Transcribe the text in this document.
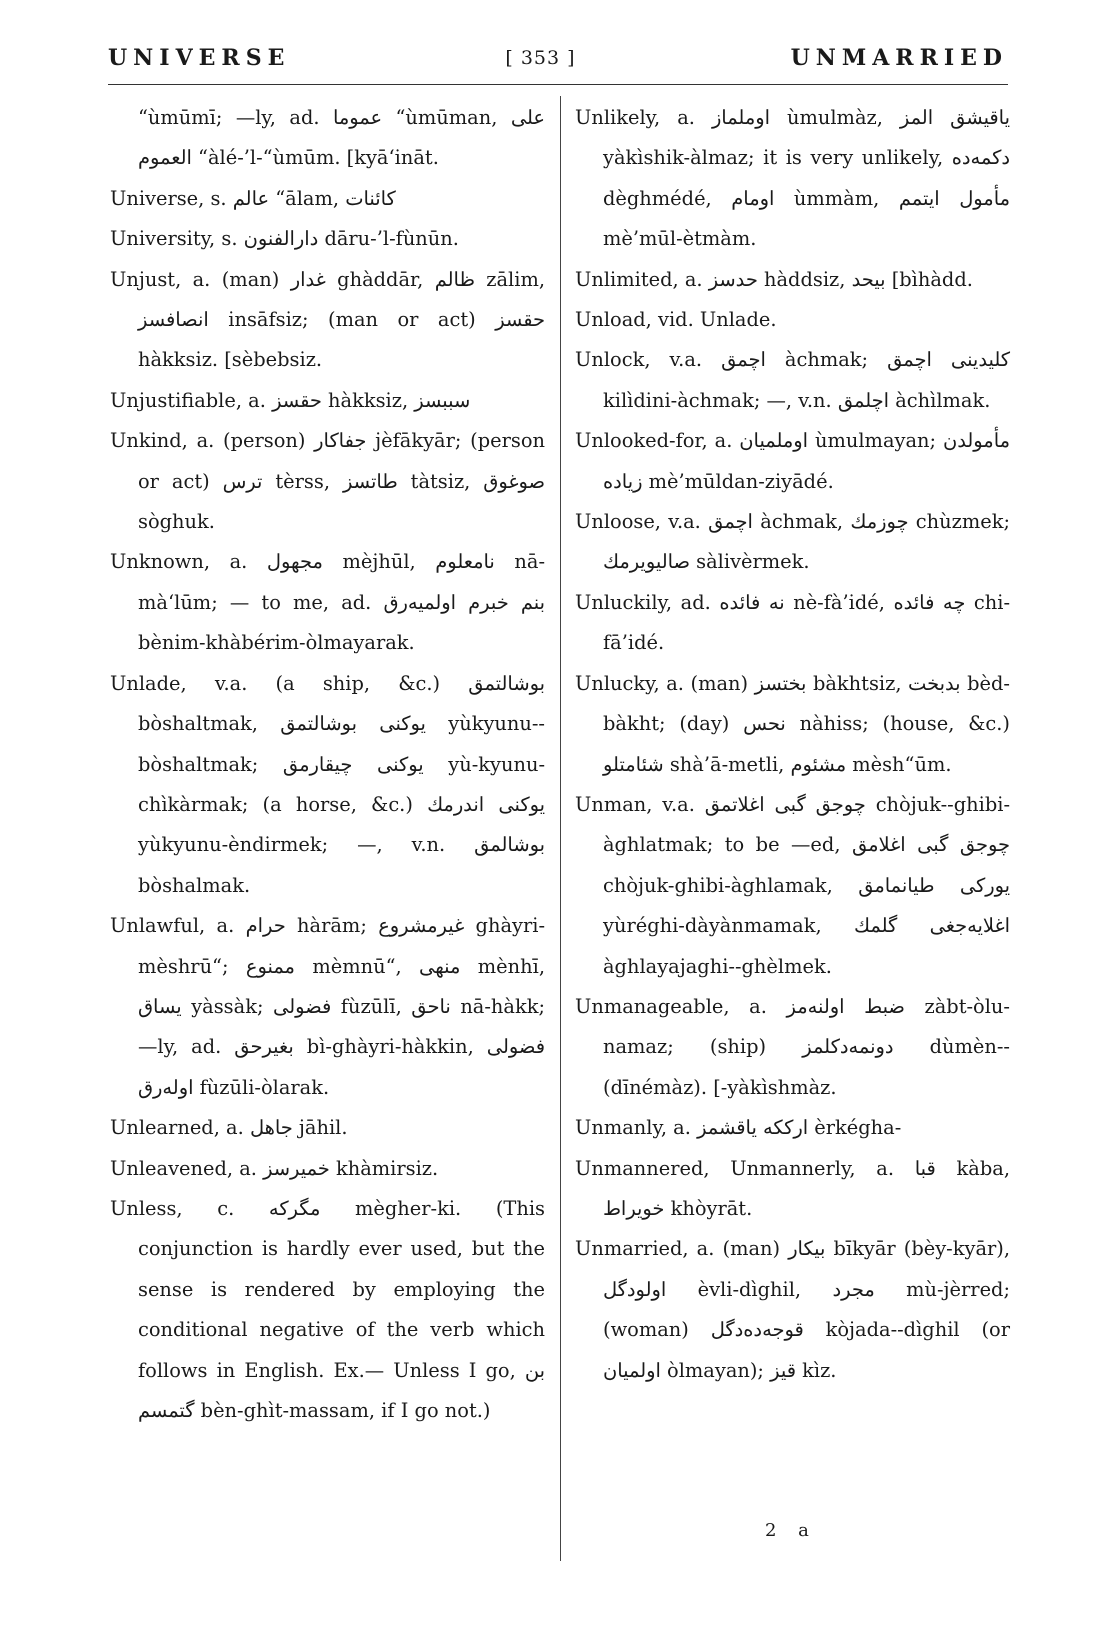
UNIVERSE	[ 353 ]	UNMARRIED

“ùmūmī; —ly, ad. عموما “ùmūman, علی العموم “àlé-’l-“ùmūm. [kyā‘ināt.

Universe, s. عالم “ālam, کائنات

University, s. دارالفنون dāru-’l-fùnūn.

Unjust, a. (man) غدار ghàddār, ظالم zālim, انصافسز insāfsiz; (man or act) حقسز hàkksiz. [sèbebsiz.

Unjustifiable, a. حقسز hàkksiz, سببسز

Unkind, a. (person) جفاکار jèfākyār; (person or act) ترس tèrss, طاتسز tàtsiz, صوغوق sòghuk.

Unknown, a. مجهول mèjhūl, نامعلوم nā-mà‘lūm; — to me, ad. بنم خبرم اولمیه‌رق bènim-khàbérim-òlmayarak.

Unlade, v.a. (a ship, &c.) بوشالتمق bòshaltmak, یوکنی بوشالتمق yùkyunu--bòshaltmak; یوکنی چیقارمق yù-kyunu-chìkàrmak; (a horse, &c.) یوکنی اندرمك yùkyunu-èndirmek; —, v.n. بوشالمق bòshalmak.

Unlawful, a. حرام hàrām; غیرمشروع ghàyri-mèshrū“; ممنوع mèmnū“, منهی mènhī, یساق yàssàk; فضولی fùzūlī, ناحق nā-hàkk; —ly, ad. بغیرحق bì-ghàyri-hàkkin, فضولی اوله‌رق fùzūli-òlarak.

Unlearned, a. جاهل jāhil.

Unleavened, a. خمیرسز khàmirsiz.

Unless, c. مگرکه mègher-ki. (This conjunction is hardly ever used, but the sense is rendered by employing the conditional negative of the verb which follows in English. Ex.— Unless I go, بن گتمسم bèn-ghìt-massam, if I go not.)

Unlikely, a. اوملماز ùmulmàz, یاقیشق المز yàkìshik-àlmaz; it is very unlikely, دکمه‌ده dèghmédé, اومام ùmmàm, مأمول ایتمم mè’mūl-ètmàm.

Unlimited, a. حدسز hàddsiz, بیحد [bìhàdd.

Unload, vid. Unlade.

Unlock, v.a. اچمق àchmak; کلیدینی اچمق kilìdini-àchmak; —, v.n. اچلمق àchìlmak.

Unlooked-for, a. اوملمیان ùmulmayan; مأمولدن زیاده mè’mūldan-ziyādé.

Unloose, v.a. اچمق àchmak, چوزمك chùzmek; صالیویرمك sàlivèrmek.

Unluckily, ad. نه فائده nè-fà’idé, چه فائده chi-fā’idé.

Unlucky, a. (man) بختسز bàkhtsiz, بدبخت bèd-bàkht; (day) نحس nàhiss; (house, &c.) شئامتلو shà’ā-metli, مشئوم mèsh“ūm.

Unman, v.a. چوجق گبی اغلاتمق chòjuk--ghibi-àghlatmak; to be —ed, چوجق گبی اغلامق chòjuk-ghibi-àghlamak, یورکی طیانمامق yùréghi-dàyànmamak, اغلایه‌جغی گلمك àghlayajaghi--ghèlmek.

Unmanageable, a. ضبط اولنه‌مز zàbt-òlu-namaz; (ship) دونمه‌دکلمز dùmèn--(dīnémàz). [-yàkìshmàz.

Unmanly, a. ارککه یاقشمز èrkégha-

Unmannered, Unmannerly, a. قبا kàba, خویراط khòyrāt.

Unmarried, a. (man) بیکار bīkyār (bèy-kyār), اولودگل èvli-dìghil, مجرد mù-jèrred; (woman) قوجه‌ده‌دگل kòjada--dìghil (or اولمیان òlmayan); قیز kìz.

2 a
